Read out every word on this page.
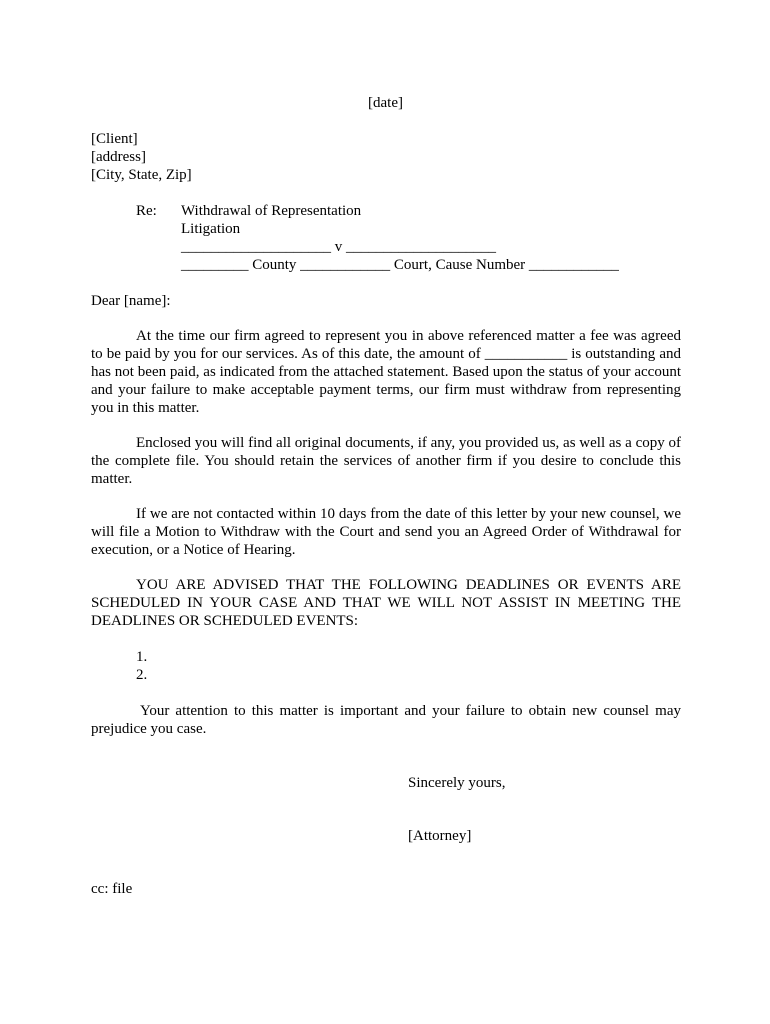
[date]

[Client]

[address]

[City, State, Zip]

Re: Withdrawal of Representation

Litigation

____________________ v ____________________

_________ County ____________ Court, Cause Number ____________

Dear [name]:

At the time our firm agreed to represent you in above referenced matter a fee was agreed to be paid by you for our services. As of this date, the amount of ___________ is outstanding and has not been paid, as indicated from the attached statement. Based upon the status of your account and your failure to make acceptable payment terms, our firm must withdraw from representing you in this matter.

Enclosed you will find all original documents, if any, you provided us, as well as a copy of the complete file. You should retain the services of another firm if you desire to conclude this matter.

If we are not contacted within 10 days from the date of this letter by your new counsel, we will file a Motion to Withdraw with the Court and send you an Agreed Order of Withdrawal for execution, or a Notice of Hearing.

YOU ARE ADVISED THAT THE FOLLOWING DEADLINES OR EVENTS ARE SCHEDULED IN YOUR CASE AND THAT WE WILL NOT ASSIST IN MEETING THE DEADLINES OR SCHEDULED EVENTS:

1.

2.

Your attention to this matter is important and your failure to obtain new counsel may prejudice you case.

Sincerely yours,

[Attorney]

cc: file
